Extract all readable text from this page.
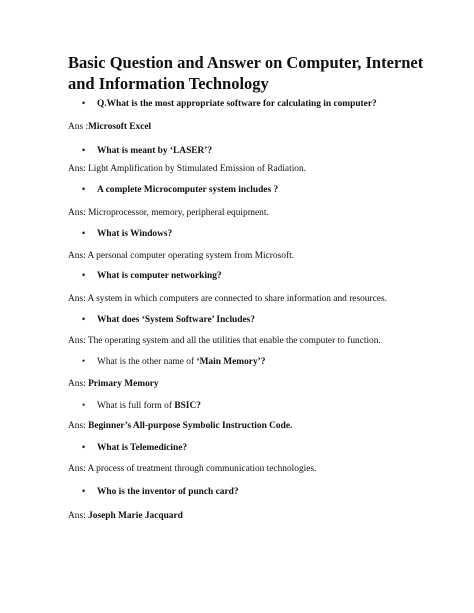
Basic Question and Answer on Computer, Internet and Information Technology
• Q.What is the most appropriate software for calculating in computer?
Ans :Microsoft Excel
• What is meant by ‘LASER’?
Ans: Light Amplification by Stimulated Emission of Radiation.
• A complete Microcomputer system includes ?
Ans: Microprocessor, memory, peripheral equipment.
• What is Windows?
Ans: A personal computer operating system from Microsoft.
• What is computer networking?
Ans: A system in which computers are connected to share information and resources.
• What does ‘System Software’ Includes?
Ans: The operating system and all the utilities that enable the computer to function.
• What is the other name of ‘Main Memory’?
Ans: Primary Memory
• What is full form of BSIC?
Ans: Beginner’s All-purpose Symbolic Instruction Code.
• What is Telemedicine?
Ans: A process of treatment through communication technologies.
• Who is the inventor of punch card?
Ans: Joseph Marie Jacquard
